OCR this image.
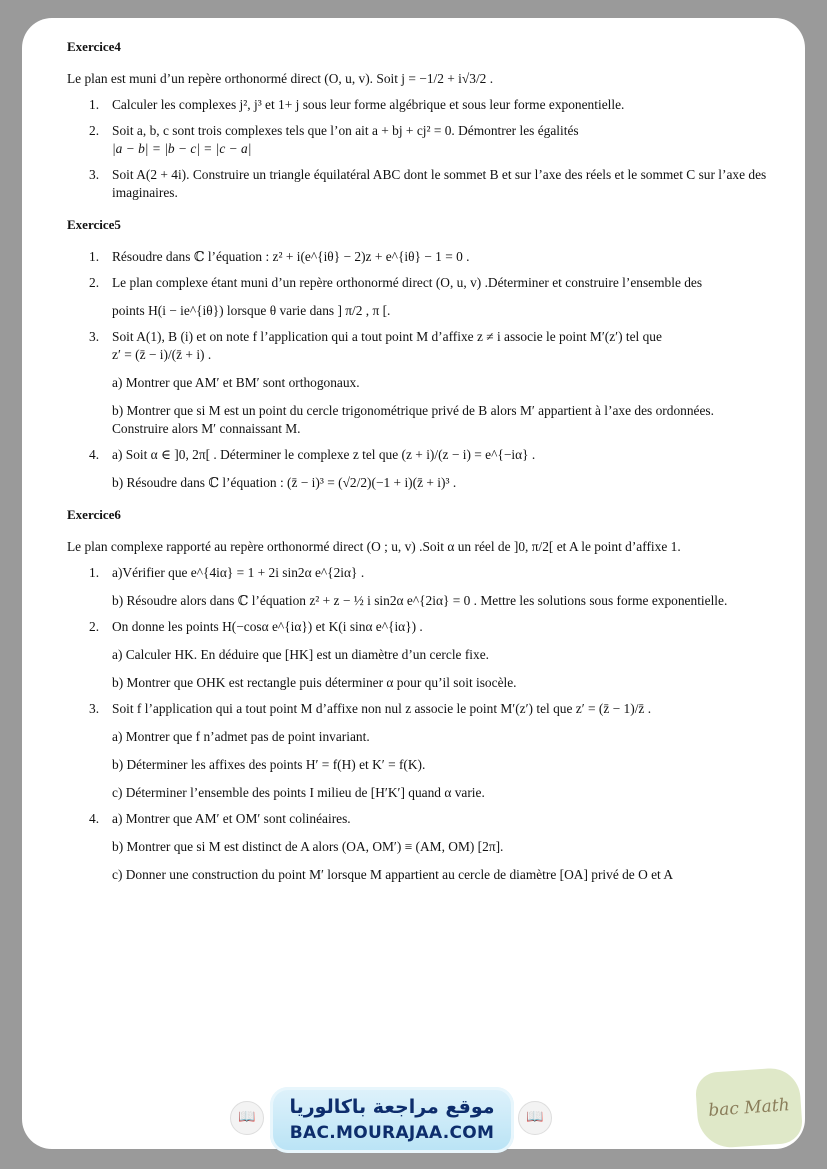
Exercice4

Le plan est muni d’un repère orthonormé direct (O, u, v). Soit j = −1/2 + i√3/2 .

1. Calculer les complexes j², j³ et 1+ j sous leur forme algébrique et sous leur forme exponentielle.

2. Soit a, b, c sont trois complexes tels que l’on ait a + bj + cj² = 0. Démontrer les égalités

|a − b| = |b − c| = |c − a|

3. Soit A(2 + 4i). Construire un triangle équilatéral ABC dont le sommet B et sur l’axe des réels et le sommet C sur l’axe des imaginaires.

Exercice5
1. Résoudre dans ℂ l’équation : z² + i(e^{iθ} − 2)z + e^{iθ} − 1 = 0 .

2. Le plan complexe étant muni d’un repère orthonormé direct (O, u, v) .Déterminer et construire l’ensemble des

points H(i − ie^{iθ}) lorsque θ varie dans ] π/2 , π [.

3. Soit A(1), B (i) et on note f l’application qui a tout point M d’affixe z ≠ i associe le point M′(z′) tel que

z′ = (z̄ − i)/(z̄ + i) .

a) Montrer que AM′ et BM′ sont orthogonaux.

b) Montrer que si M est un point du cercle trigonométrique privé de B alors M′ appartient à l’axe des ordonnées. Construire alors M′ connaissant M.

4. a) Soit α ∈ ]0, 2π[ . Déterminer le complexe z tel que (z + i)/(z − i) = e^{−iα} .

b) Résoudre dans ℂ l’équation : (z̄ − i)³ = (√2/2)(−1 + i)(z̄ + i)³ .

Exercice6

Le plan complexe rapporté au repère orthonormé direct (O ; u, v) .Soit α un réel de ]0, π/2[ et A le point d’affixe 1.

1. a)Vérifier que e^{4iα} = 1 + 2i sin2α e^{2iα} .

b) Résoudre alors dans ℂ l’équation z² + z − ½ i sin2α e^{2iα} = 0 . Mettre les solutions sous forme exponentielle.

2. On donne les points H(−cosα e^{iα}) et K(i sinα e^{iα}) .

a) Calculer HK. En déduire que [HK] est un diamètre d’un cercle fixe.

b) Montrer que OHK est rectangle puis déterminer α pour qu’il soit isocèle.

3. Soit f l’application qui a tout point M d’affixe non nul z associe le point M′(z′) tel que z′ = (z̄ − 1)/z̄ .

a) Montrer que f n’admet pas de point invariant.

b) Déterminer les affixes des points H′ = f(H) et K′ = f(K).

c) Déterminer l’ensemble des points I milieu de [H′K′] quand α varie.

4. a) Montrer que AM′ et OM′ sont colinéaires.

b) Montrer que si M est distinct de A alors (OA, OM′) ≡ (AM, OM) [2π].

c) Donner une construction du point M′ lorsque M appartient au cercle de diamètre [OA] privé de O et A

📖	موقع مراجعة باكالوريا
BAC.MOURAJAA.COM
📖	bac Math
